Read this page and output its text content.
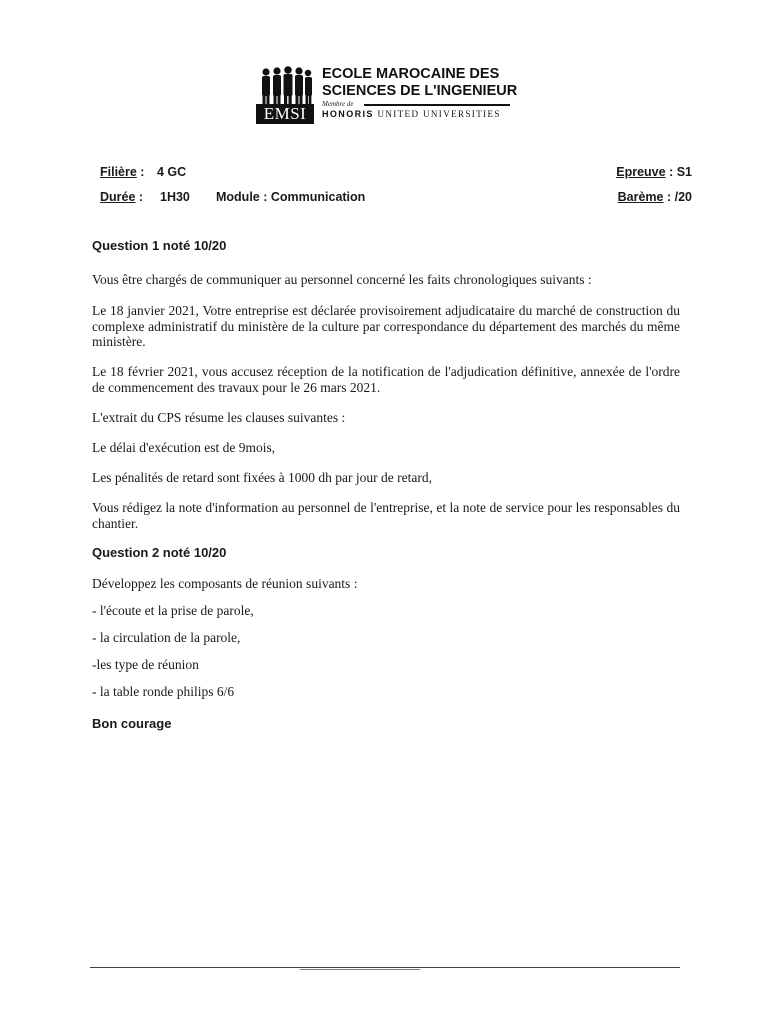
EMSI
ECOLE MAROCAINE DES
SCIENCES DE L'INGENIEUR
Membre de
HONORIS UNITED UNIVERSITIES
Filière : 4 GC
Durée : 1H30 Module : Communication
Epreuve : S1
Barème : /20
Question 1 noté 10/20
Vous être chargés de communiquer au personnel concerné les faits chronologiques suivants :
Le 18 janvier 2021, Votre entreprise est déclarée provisoirement adjudicataire du marché de construction du complexe administratif du ministère de la culture par correspondance du département des marchés du même ministère.
Le 18 février 2021, vous accusez réception de la notification de l'adjudication définitive, annexée de l'ordre de commencement des travaux pour le 26 mars 2021.
L'extrait du CPS résume les clauses suivantes :
Le délai d'exécution est de 9mois,
Les pénalités de retard sont fixées à 1000 dh par jour de retard,
Vous rédigez la note d'information au personnel de l'entreprise, et la note de service pour les responsables du chantier.
Question 2 noté 10/20
Développez les composants de réunion suivants :
- l'écoute et la prise de parole,
- la circulation de la parole,
-les type de réunion
- la table ronde philips 6/6
Bon courage
